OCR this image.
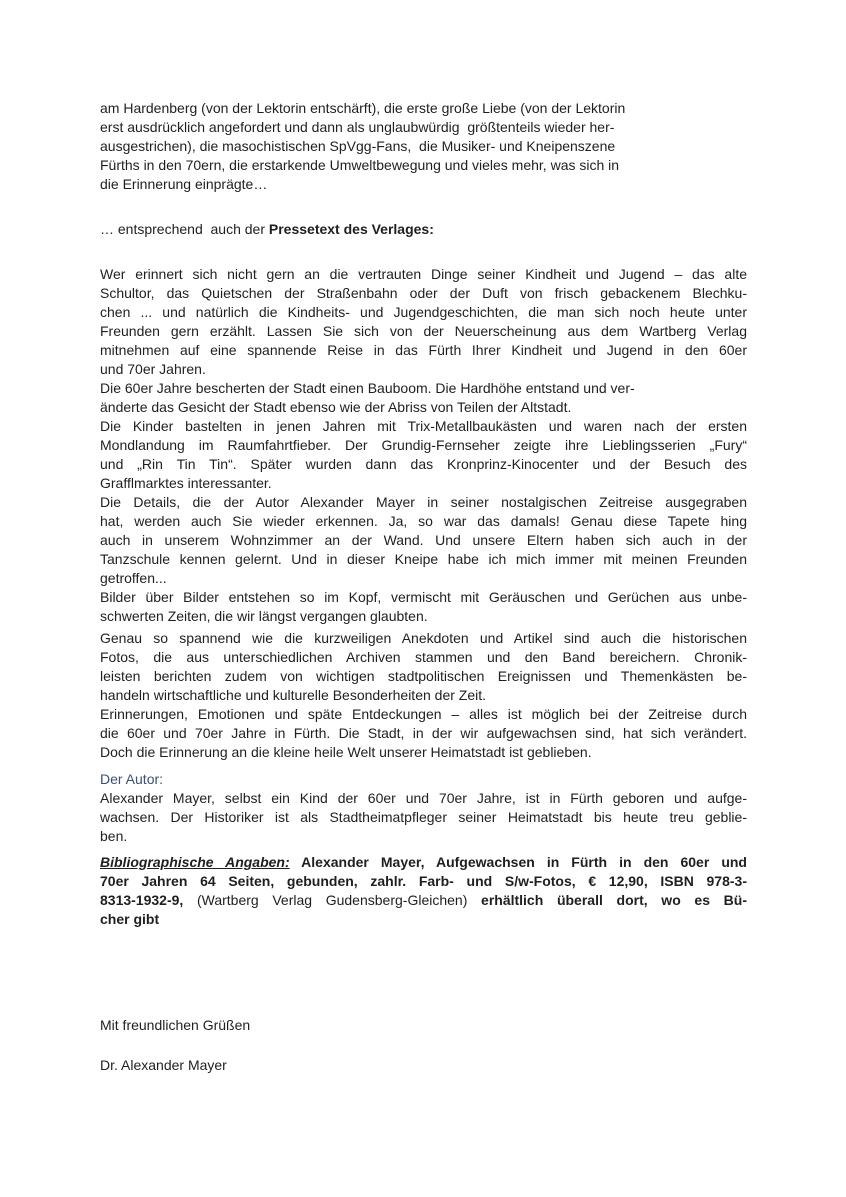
am Hardenberg (von der Lektorin entschärft), die erste große Liebe (von der Lektorin
erst ausdrücklich angefordert und dann als unglaubwürdig  größtenteils wieder her-
ausgestrichen), die masochistischen SpVgg-Fans,  die Musiker- und Kneipenszene
Fürths in den 70ern, die erstarkende Umweltbewegung und vieles mehr, was sich in
die Erinnerung einprägte…
… entsprechend  auch der Pressetext des Verlages:
Wer erinnert sich nicht gern an die vertrauten Dinge seiner Kindheit und Jugend – das alte
Schultor, das Quietschen der Straßenbahn oder der Duft von frisch gebackenem Blechku-
chen ... und natürlich die Kindheits- und Jugendgeschichten, die man sich noch heute unter
Freunden gern erzählt. Lassen Sie sich von der Neuerscheinung aus dem Wartberg Verlag
mitnehmen auf eine spannende Reise in das Fürth Ihrer Kindheit und Jugend in den 60er
und 70er Jahren.
Die 60er Jahre bescherten der Stadt einen Bauboom. Die Hardhöhe entstand und ver-
änderte das Gesicht der Stadt ebenso wie der Abriss von Teilen der Altstadt.
Die Kinder bastelten in jenen Jahren mit Trix-Metallbaukästen und waren nach der ersten
Mondlandung im Raumfahrtfieber. Der Grundig-Fernseher zeigte ihre Lieblingsserien „Fury“
und „Rin Tin Tin“. Später wurden dann das Kronprinz-Kinocenter und der Besuch des
Grafflmarktes interessanter.
Die Details, die der Autor Alexander Mayer in seiner nostalgischen Zeitreise ausgegraben
hat, werden auch Sie wieder erkennen. Ja, so war das damals! Genau diese Tapete hing
auch in unserem Wohnzimmer an der Wand. Und unsere Eltern haben sich auch in der
Tanzschule kennen gelernt. Und in dieser Kneipe habe ich mich immer mit meinen Freunden
getroffen...
Bilder über Bilder entstehen so im Kopf, vermischt mit Geräuschen und Gerüchen aus unbe-
schwerten Zeiten, die wir längst vergangen glaubten.
Genau so spannend wie die kurzweiligen Anekdoten und Artikel sind auch die historischen
Fotos, die aus unterschiedlichen Archiven stammen und den Band bereichern. Chronik-
leisten berichten zudem von wichtigen stadtpolitischen Ereignissen und Themenkästen be-
handeln wirtschaftliche und kulturelle Besonderheiten der Zeit.
Erinnerungen, Emotionen und späte Entdeckungen – alles ist möglich bei der Zeitreise durch
die 60er und 70er Jahre in Fürth. Die Stadt, in der wir aufgewachsen sind, hat sich verändert.
Doch die Erinnerung an die kleine heile Welt unserer Heimatstadt ist geblieben.
Der Autor:
Alexander Mayer, selbst ein Kind der 60er und 70er Jahre, ist in Fürth geboren und aufge-
wachsen. Der Historiker ist als Stadtheimatpfleger seiner Heimatstadt bis heute treu geblie-
ben.
Bibliographische Angaben: Alexander Mayer, Aufgewachsen in Fürth in den 60er und
70er Jahren 64 Seiten, gebunden, zahlr. Farb- und S/w-Fotos, € 12,90, ISBN 978-3-
8313-1932-9, (Wartberg Verlag Gudensberg-Gleichen) erhältlich überall dort, wo es Bü-
cher gibt
Mit freundlichen Grüßen
Dr. Alexander Mayer
